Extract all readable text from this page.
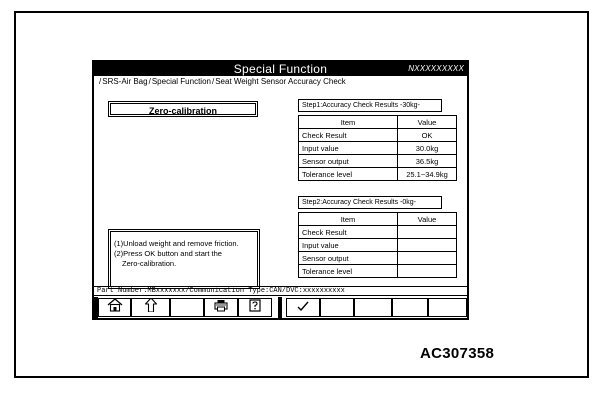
Special Function	NXXXXXXXXX
/SRS-Air Bag/Special Function/Seat Weight Sensor Accuracy Check
Zero-calibration
(1)Unload weight and remove friction.
(2)Press OK button and start the
Zero-calibration.
Step1:Accuracy Check Results -30kg-
Item	Value
Check Result	OK
Input value	30.0kg
Sensor output	36.5kg
Tolerance level	25.1~34.9kg
Step2:Accuracy Check Results -0kg-
Item	Value
Check Result	
Input value	
Sensor output	
Tolerance level	
Part Number:MBxxxxxxx/Communication Type:CAN/DVC:xxxxxxxxxx
AC307358
